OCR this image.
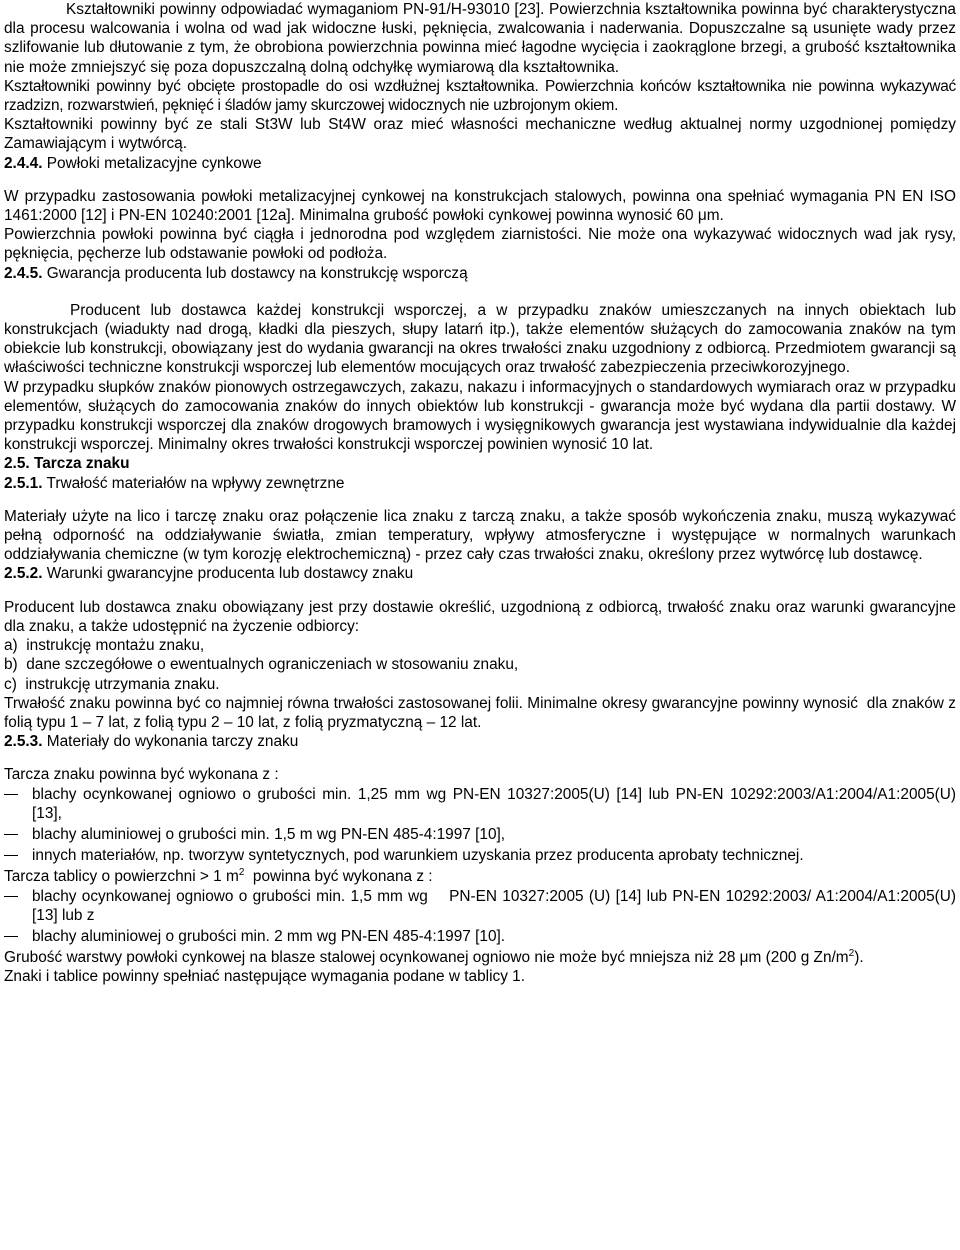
Kształtowniki powinny odpowiadać wymaganiom PN-91/H-93010 [23]. Powierzchnia kształtownika powinna być charakterystyczna dla procesu walcowania i wolna od wad jak widoczne łuski, pęknięcia, zwalcowania i naderwania. Dopuszczalne są usunięte wady przez szlifowanie lub dłutowanie z tym, że obrobiona powierzchnia powinna mieć łagodne wycięcia i zaokrąglone brzegi, a grubość kształtownika nie może zmniejszyć się poza dopuszczalną dolną odchyłkę wymiarową dla kształtownika.

Kształtowniki powinny być obcięte prostopadle do osi wzdłużnej kształtownika. Powierzchnia końców kształtownika nie powinna wykazywać rzadzizn, rozwarstwień, pęknięć i śladów jamy skurczowej widocznych nie uzbrojonym okiem.

Kształtowniki powinny być ze stali St3W lub St4W oraz mieć własności mechaniczne według aktualnej normy uzgodnionej pomiędzy Zamawiającym i wytwórcą.

2.4.4. Powłoki metalizacyjne cynkowe

W przypadku zastosowania powłoki metalizacyjnej cynkowej na konstrukcjach stalowych, powinna ona spełniać wymagania PN EN ISO 1461:2000 [12] i PN-EN 10240:2001 [12a]. Minimalna grubość powłoki cynkowej powinna wynosić 60 μm.

Powierzchnia powłoki powinna być ciągła i jednorodna pod względem ziarnistości. Nie może ona wykazywać widocznych wad jak rysy, pęknięcia, pęcherze lub odstawanie powłoki od podłoża.

2.4.5. Gwarancja producenta lub dostawcy na konstrukcję wsporczą

Producent lub dostawca każdej konstrukcji wsporczej, a w przypadku znaków umieszczanych na innych obiektach lub konstrukcjach (wiadukty nad drogą, kładki dla pieszych, słupy latarń itp.), także elementów służących do zamocowania znaków na tym obiekcie lub konstrukcji, obowiązany jest do wydania gwarancji na okres trwałości znaku uzgodniony z odbiorcą. Przedmiotem gwarancji są właściwości techniczne konstrukcji wsporczej lub elementów mocujących oraz trwałość zabezpieczenia przeciwkorozyjnego.

W przypadku słupków znaków pionowych ostrzegawczych, zakazu, nakazu i informacyjnych o standardowych wymiarach oraz w przypadku elementów, służących do zamocowania znaków do innych obiektów lub konstrukcji - gwarancja może być wydana dla partii dostawy. W przypadku konstrukcji wsporczej dla znaków drogowych bramowych i wysięgnikowych gwarancja jest wystawiana indywidualnie dla każdej konstrukcji wsporczej. Minimalny okres trwałości konstrukcji wsporczej powinien wynosić 10 lat.

2.5. Tarcza znaku
2.5.1. Trwałość materiałów na wpływy zewnętrzne

Materiały użyte na lico i tarczę znaku oraz połączenie lica znaku z tarczą znaku, a także sposób wykończenia znaku, muszą wykazywać pełną odporność na oddziaływanie światła, zmian temperatury, wpływy atmosferyczne i występujące w normalnych warunkach oddziaływania chemiczne (w tym korozję elektrochemiczną) - przez cały czas trwałości znaku, określony przez wytwórcę lub dostawcę.

2.5.2. Warunki gwarancyjne producenta lub dostawcy znaku

Producent lub dostawca znaku obowiązany jest przy dostawie określić, uzgodnioną z odbiorcą, trwałość znaku oraz warunki gwarancyjne dla znaku, a także udostępnić na życzenie odbiorcy:

a)  instrukcję montażu znaku,

b)  dane szczegółowe o ewentualnych ograniczeniach w stosowaniu znaku,

c)  instrukcję utrzymania znaku.

Trwałość znaku powinna być co najmniej równa trwałości zastosowanej folii. Minimalne okresy gwarancyjne powinny wynosić  dla znaków z folią typu 1 – 7 lat, z folią typu 2 – 10 lat, z folią pryzmatyczną – 12 lat.

2.5.3. Materiały do wykonania tarczy znaku

Tarcza znaku powinna być wykonana z :

blachy ocynkowanej ogniowo o grubości min. 1,25 mm wg PN-EN 10327:2005(U) [14] lub PN-EN 10292:2003/A1:2004/A1:2005(U) [13],
blachy aluminiowej o grubości min. 1,5 m wg PN-EN 485-4:1997 [10],
innych materiałów, np. tworzyw syntetycznych, pod warunkiem uzyskania przez producenta aprobaty technicznej.

Tarcza tablicy o powierzchni > 1 $m^2$  powinna być wykonana z :

blachy ocynkowanej ogniowo o grubości min. 1,5 mm wg    PN-EN 10327:2005 (U) [14] lub PN-EN 10292:2003/ A1:2004/A1:2005(U) [13] lub z
blachy aluminiowej o grubości min. 2 mm wg PN-EN 485-4:1997 [10].

Grubość warstwy powłoki cynkowej na blasze stalowej ocynkowanej ogniowo nie może być mniejsza niż 28 μm (200 g $Zn/m^2$).

Znaki i tablice powinny spełniać następujące wymagania podane w tablicy 1.
